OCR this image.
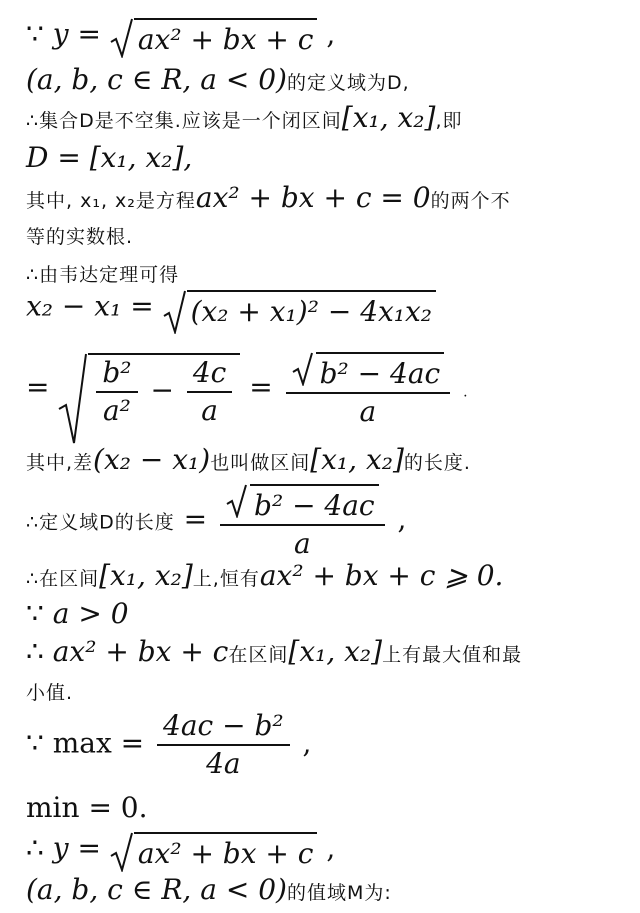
∵ y =
ax² + bx + c ,
(a, b, c ∈ R, a < 0)的定义域为D,
∴集合D是不空集.应该是一个闭区间[x₁, x₂],即
D = [x₁, x₂],
其中, x₁, x₂是方程ax² + bx + c = 0的两个不
等的实数根.
∴由韦达定理可得
x₂ − x₁ =
(x₂ + x₁)² − 4x₁x₂
= $\frac{\text{b²}}{\text{a²}} - \frac{4c}{a} = \frac{\text{b² − 4ac}}{a}$ .
其中,差(x₂ − x₁)也叫做区间[x₁, x₂]的长度.
∴定义域D的长度 = $\frac{\text{b² − 4ac}}{a}$ ,
∴在区间[x₁, x₂]上,恒有ax² + bx + c ⩾ 0.
∵ a > 0
∴ ax² + bx + c在区间[x₁, x₂]上有最大值和最
小值.
∵ $\max = \frac{\text{4ac − b²}}{4a}$ ,
min = 0.
∴ y =
ax² + bx + c ,
(a, b, c ∈ R, a < 0)的值域M为:
